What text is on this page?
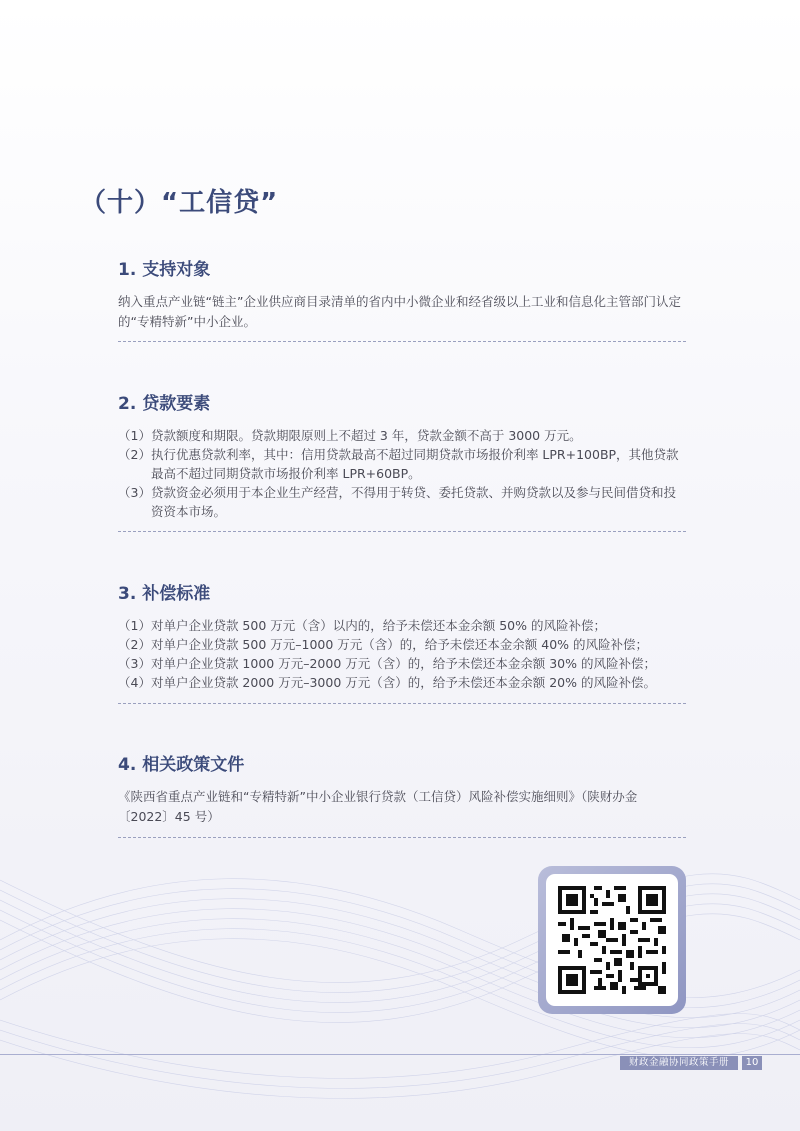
（十）“工信贷”
1. 支持对象

纳入重点产业链“链主”企业供应商目录清单的省内中小微企业和经省级以上工业和信息化主管部门认定的“专精特新”中小企业。

2. 贷款要素
（1）贷款额度和期限。贷款期限原则上不超过 3 年，贷款金额不高于 3000 万元。
（2）执行优惠贷款利率，其中：信用贷款最高不超过同期贷款市场报价利率 LPR+100BP，其他贷款最高不超过同期贷款市场报价利率 LPR+60BP。
（3）贷款资金必须用于本企业生产经营，不得用于转贷、委托贷款、并购贷款以及参与民间借贷和投资资本市场。
3. 补偿标准
（1）对单户企业贷款 500 万元（含）以内的，给予未偿还本金余额 50% 的风险补偿；
（2）对单户企业贷款 500 万元–1000 万元（含）的，给予未偿还本金余额 40% 的风险补偿；
（3）对单户企业贷款 1000 万元–2000 万元（含）的，给予未偿还本金余额 30% 的风险补偿；
（4）对单户企业贷款 2000 万元–3000 万元（含）的，给予未偿还本金余额 20% 的风险补偿。
4. 相关政策文件

《陕西省重点产业链和“专精特新”中小企业银行贷款（工信贷）风险补偿实施细则》（陕财办金〔2022〕45 号）

财政金融协同政策手册	10
